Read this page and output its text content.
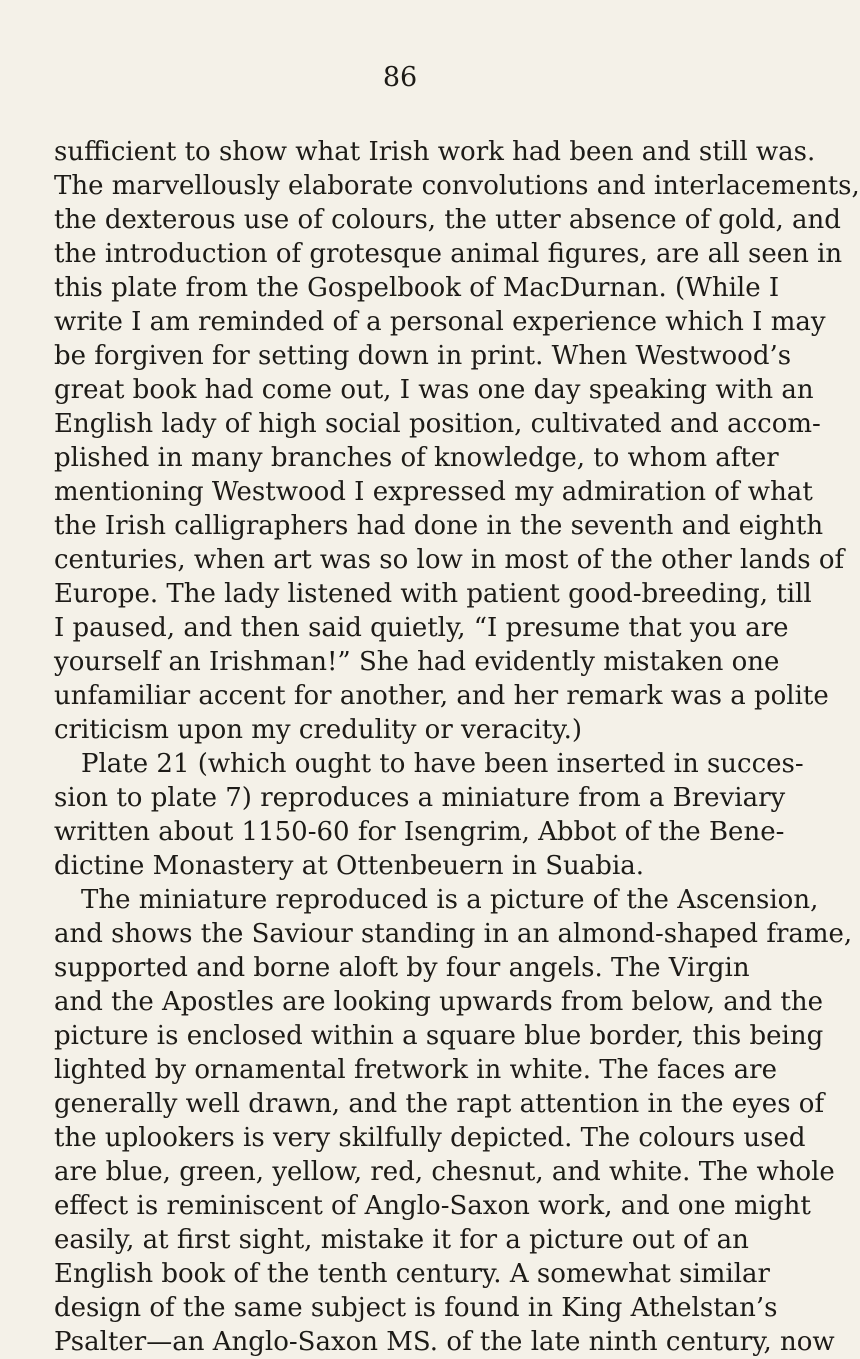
86
sufficient to show what Irish work had been and still was.
The marvellously elaborate convolutions and interlacements,
the dexterous use of colours, the utter absence of gold, and
the introduction of grotesque animal figures, are all seen in
this plate from the Gospelbook of MacDurnan. (While I
write I am reminded of a personal experience which I may
be forgiven for setting down in print. When Westwood’s
great book had come out, I was one day speaking with an
English lady of high social position, cultivated and accom-
plished in many branches of knowledge, to whom after
mentioning Westwood I expressed my admiration of what
the Irish calligraphers had done in the seventh and eighth
centuries, when art was so low in most of the other lands of
Europe. The lady listened with patient good-breeding, till
I paused, and then said quietly, “I presume that you are
yourself an Irishman!” She had evidently mistaken one
unfamiliar accent for another, and her remark was a polite
criticism upon my credulity or veracity.)
Plate 21 (which ought to have been inserted in succes-
sion to plate 7) reproduces a miniature from a Breviary
written about 1150-60 for Isengrim, Abbot of the Bene-
dictine Monastery at Ottenbeuern in Suabia.
The miniature reproduced is a picture of the Ascension,
and shows the Saviour standing in an almond-shaped frame,
supported and borne aloft by four angels. The Virgin
and the Apostles are looking upwards from below, and the
picture is enclosed within a square blue border, this being
lighted by ornamental fretwork in white. The faces are
generally well drawn, and the rapt attention in the eyes of
the uplookers is very skilfully depicted. The colours used
are blue, green, yellow, red, chesnut, and white. The whole
effect is reminiscent of Anglo-Saxon work, and one might
easily, at first sight, mistake it for a picture out of an
English book of the tenth century. A somewhat similar
design of the same subject is found in King Athelstan’s
Psalter—an Anglo-Saxon MS. of the late ninth century, now
